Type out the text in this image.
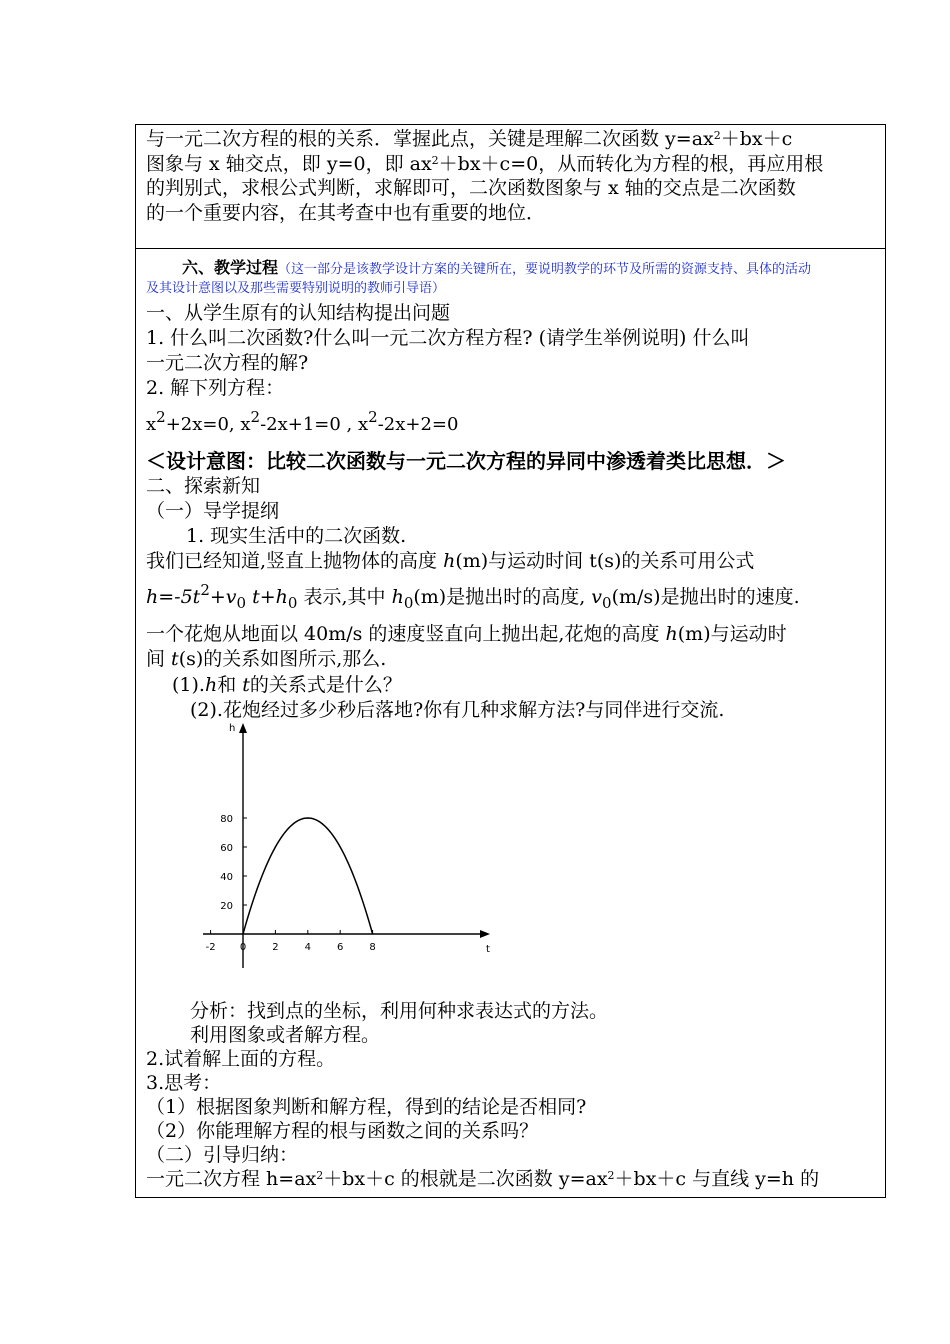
与一元二次方程的根的关系．掌握此点，关键是理解二次函数 $y=ax^2+bx+c$
图象与 x 轴交点，即 y=0，即 $ax^2+bx+c=0$，从而转化为方程的根，再应用根
的判别式，求根公式判断，求解即可，二次函数图象与 x 轴的交点是二次函数
的一个重要内容，在其考查中也有重要的地位．
六、教学过程（这一部分是该教学设计方案的关键所在，要说明教学的环节及所需的资源支持、具体的活动
及其设计意图以及那些需要特别说明的教师引导语）
一、从学生原有的认知结构提出问题
1. 什么叫二次函数?什么叫一元二次方程方程? (请学生举例说明) 什么叫
一元二次方程的解?
2. 解下列方程：
$x^2+2x=0$, $x^2-2x+1=0$ , $x^2-2x+2=0$
＜设计意图：比较二次函数与一元二次方程的异同中渗透着类比思想．＞
二、探索新知
（一）导学提纲
1. 现实生活中的二次函数.
我们已经知道,竖直上抛物体的高度 h(m)与运动时间 t(s)的关系可用公式
$h=-5t^2+v_0$ $t+h_0$ 表示,其中 $h_0(m)$是抛出时的高度, $v_0(m/s)$是抛出时的速度.
一个花炮从地面以 40m/s 的速度竖直向上抛出起,花炮的高度 h(m)与运动时
间 t(s)的关系如图所示,那么.
(1).h和 t的关系式是什么？
(2).花炮经过多少秒后落地?你有几种求解方法?与同伴进行交流.
t
h
-2 0	2	4	6	8
20
40
60
80
分析：找到点的坐标，利用何种求表达式的方法。
利用图象或者解方程。
2.试着解上面的方程。
3.思考：
（1）根据图象判断和解方程，得到的结论是否相同?
（2）你能理解方程的根与函数之间的关系吗？
（二）引导归纳：
一元二次方程 $h=ax^2+bx+c$ 的根就是二次函数 $y=ax^2+bx+c$ 与直线 y=h 的
